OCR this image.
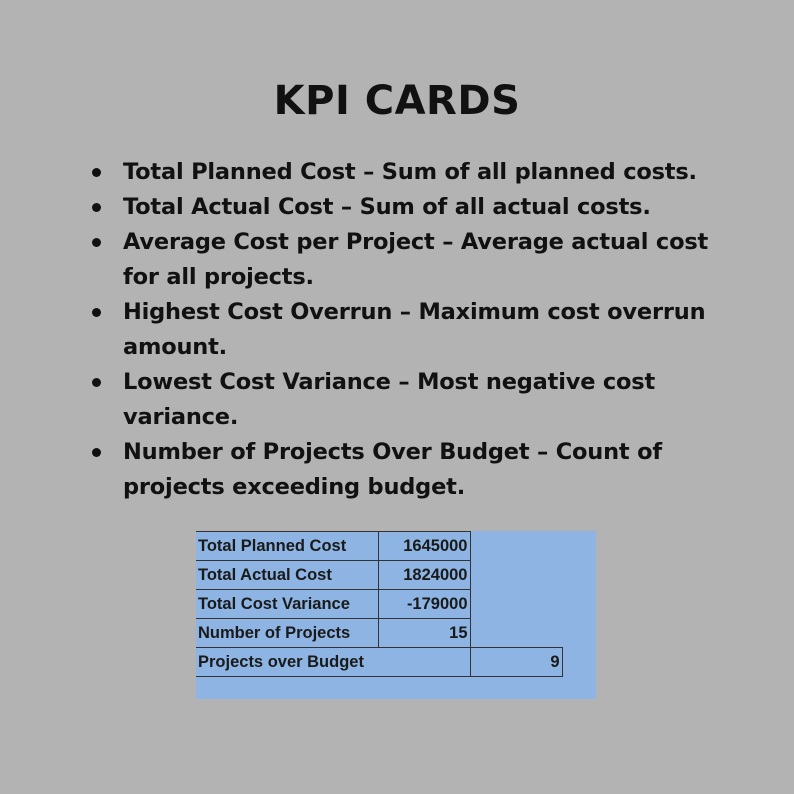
KPI CARDS
Total Planned Cost – Sum of all planned costs.
Total Actual Cost – Sum of all actual costs.
Average Cost per Project – Average actual cost for all projects.
Highest Cost Overrun – Maximum cost overrun amount.
Lowest Cost Variance – Most negative cost variance.
Number of Projects Over Budget – Count of projects exceeding budget.
Total Planned Cost	1645000	
Total Actual Cost	1824000	
Total Cost Variance	-179000	
Number of Projects	15	
Projects over Budget		9
